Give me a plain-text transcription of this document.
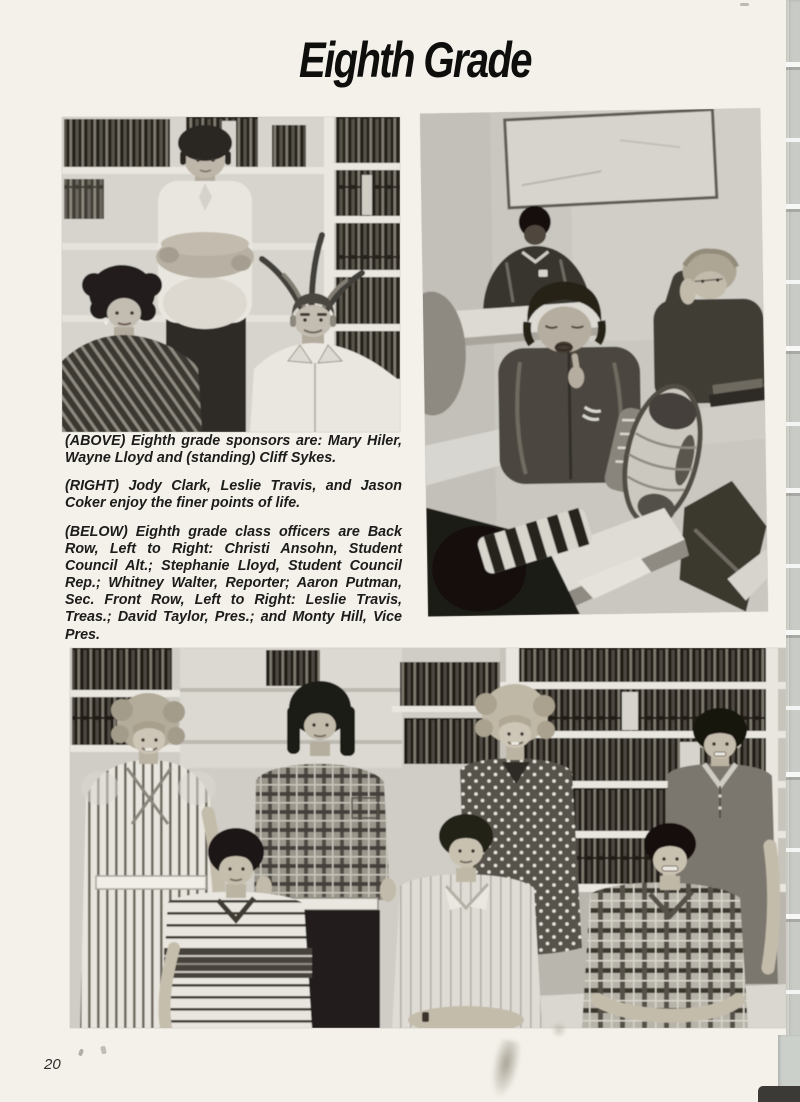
Eighth Grade

(ABOVE) Eighth grade sponsors are: Mary Hiler, Wayne Lloyd and (standing) Cliff Sykes.

(RIGHT) Jody Clark, Leslie Travis, and Jason Coker enjoy the finer points of life.

(BELOW) Eighth grade class officers are Back Row, Left to Right: Christi Ansohn, Student Council Alt.; Stephanie Lloyd, Student Council Rep.; Whitney Walter, Reporter; Aaron Putman, Sec. Front Row, Left to Right: Leslie Travis, Treas.; David Taylor, Pres.; and Monty Hill, Vice Pres.

20
